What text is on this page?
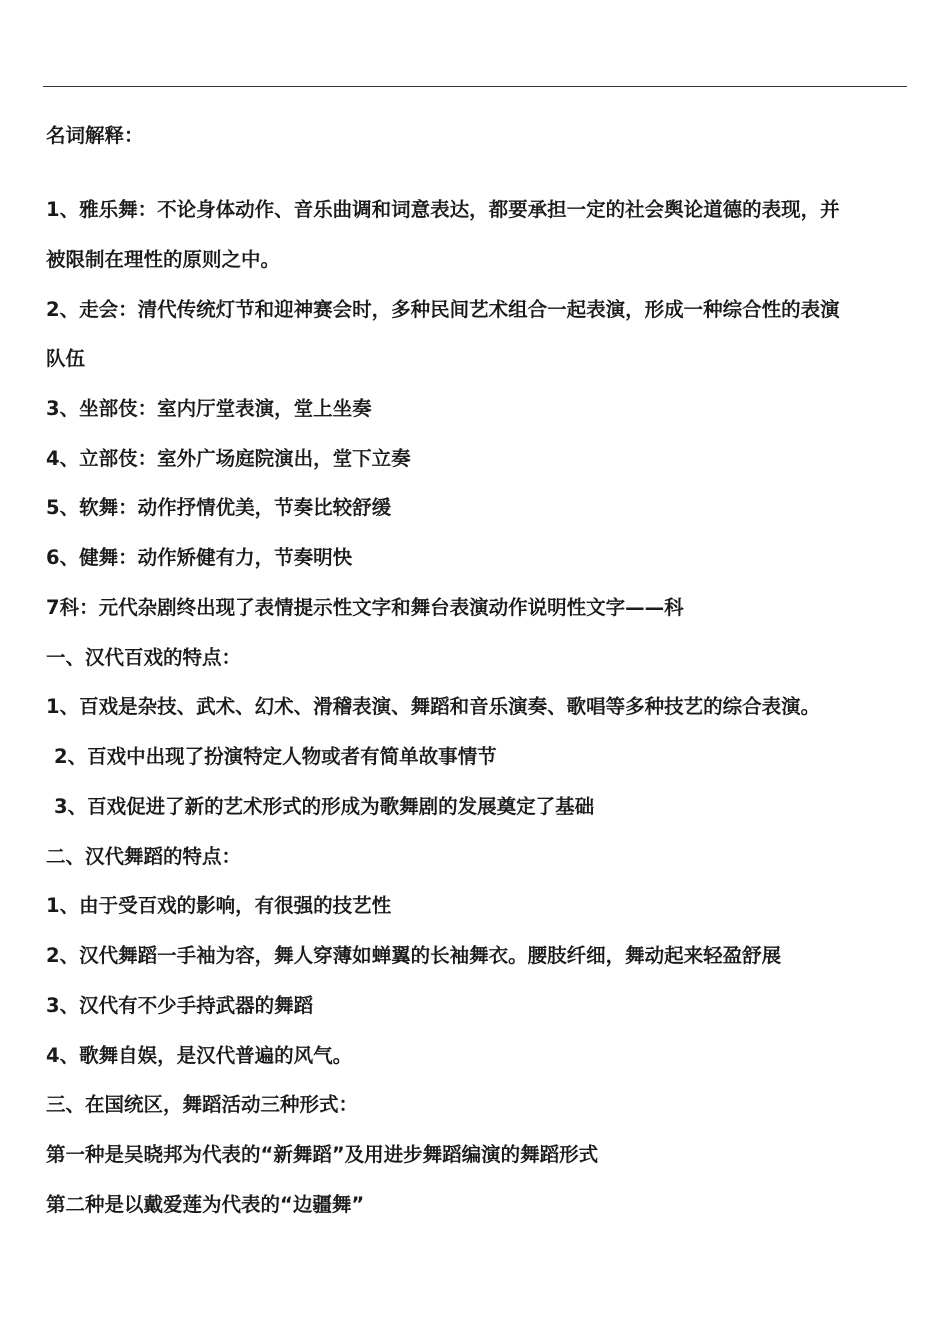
名词解释：
1、雅乐舞：不论身体动作、音乐曲调和词意表达，都要承担一定的社会舆论道德的表现，并
被限制在理性的原则之中。
2、走会：清代传统灯节和迎神赛会时，多种民间艺术组合一起表演，形成一种综合性的表演
队伍
3、坐部伎：室内厅堂表演，堂上坐奏
4、立部伎：室外广场庭院演出，堂下立奏
5、软舞：动作抒情优美，节奏比较舒缓
6、健舞：动作矫健有力，节奏明快
7科：元代杂剧终出现了表情提示性文字和舞台表演动作说明性文字——科
一、汉代百戏的特点：
1、百戏是杂技、武术、幻术、滑稽表演、舞蹈和音乐演奏、歌唱等多种技艺的综合表演。
2、百戏中出现了扮演特定人物或者有简单故事情节
3、百戏促进了新的艺术形式的形成为歌舞剧的发展奠定了基础
二、汉代舞蹈的特点：
1、由于受百戏的影响，有很强的技艺性
2、汉代舞蹈一手袖为容，舞人穿薄如蝉翼的长袖舞衣。腰肢纤细，舞动起来轻盈舒展
3、汉代有不少手持武器的舞蹈
4、歌舞自娱，是汉代普遍的风气。
三、在国统区，舞蹈活动三种形式：
第一种是吴晓邦为代表的“新舞蹈”及用进步舞蹈编演的舞蹈形式
第二种是以戴爱莲为代表的“边疆舞”
